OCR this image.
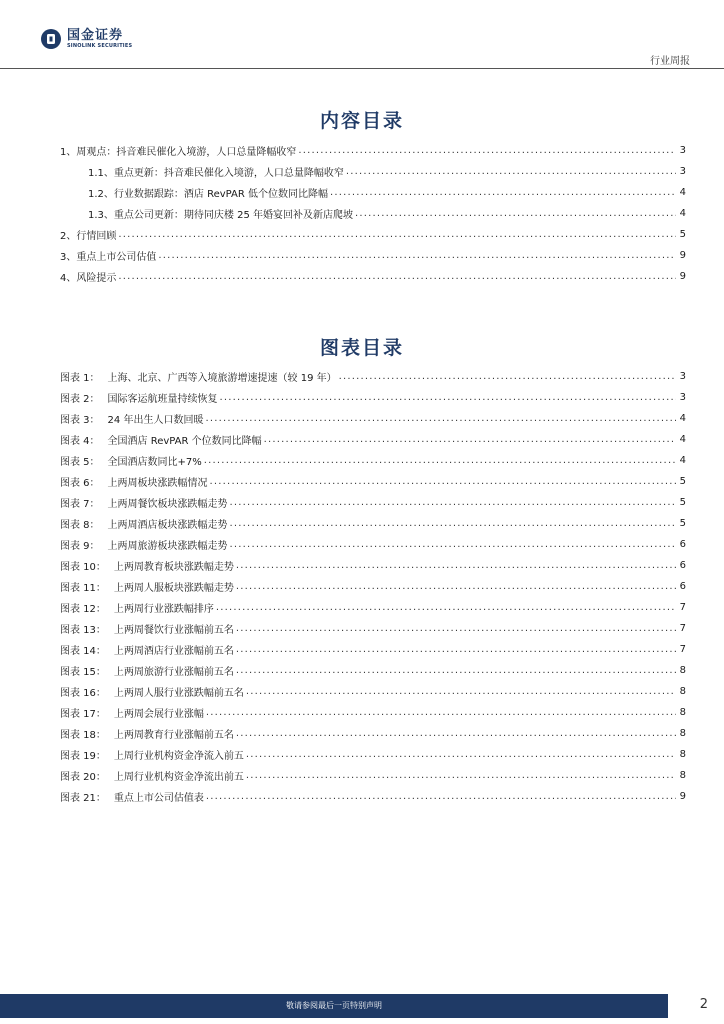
国金证券
SINOLINK SECURITIES
行业周报
内容目录
1、周观点：抖音难民催化入境游，人口总量降幅收窄 .....	3
1.1、重点更新：抖音难民催化入境游，人口总量降幅收窄 .....	3
1.2、行业数据跟踪：酒店 RevPAR 低个位数同比降幅 .....	4
1.3、重点公司更新：期待同庆楼 25 年婚宴回补及新店爬坡 .....	4
2、行情回顾 .....	5
3、重点上市公司估值 .....	9
4、风险提示 .....	9
图表目录
图表 1： 上海、北京、广西等入境旅游增速提速（较 19 年） .....	3
图表 2： 国际客运航班量持续恢复 .....	3
图表 3： 24 年出生人口数回暖 .....	4
图表 4： 全国酒店 RevPAR 个位数同比降幅 .....	4
图表 5： 全国酒店数同比+7% .....	4
图表 6： 上两周板块涨跌幅情况 .....	5
图表 7： 上两周餐饮板块涨跌幅走势 .....	5
图表 8： 上两周酒店板块涨跌幅走势 .....	5
图表 9： 上两周旅游板块涨跌幅走势 .....	6
图表 10： 上两周教育板块涨跌幅走势 .....	6
图表 11： 上两周人服板块涨跌幅走势 .....	6
图表 12： 上两周行业涨跌幅排序 .....	7
图表 13： 上两周餐饮行业涨幅前五名 .....	7
图表 14： 上两周酒店行业涨幅前五名 .....	7
图表 15： 上两周旅游行业涨幅前五名 .....	8
图表 16： 上两周人服行业涨跌幅前五名 .....	8
图表 17： 上两周会展行业涨幅 .....	8
图表 18： 上两周教育行业涨幅前五名 .....	8
图表 19： 上周行业机构资金净流入前五 .....	8
图表 20： 上周行业机构资金净流出前五 .....	8
图表 21： 重点上市公司估值表 .....	9
敬请参阅最后一页特别声明	2
